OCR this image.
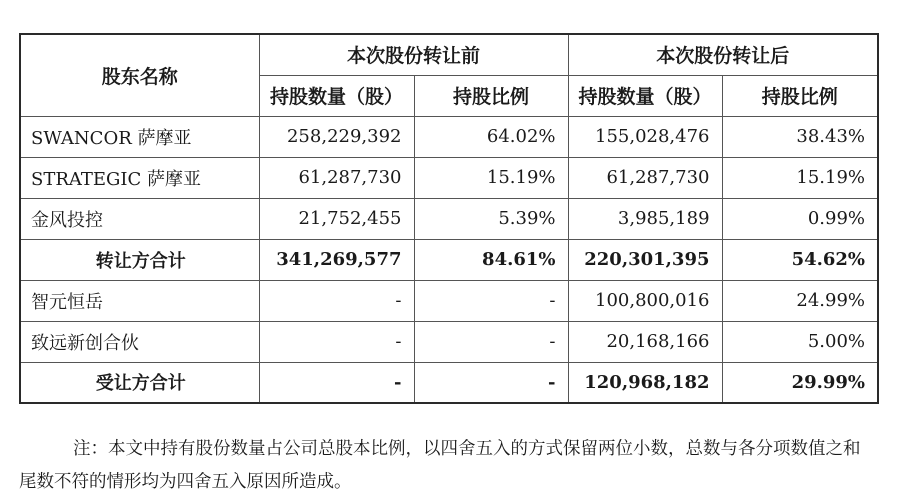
股东名称	本次股份转让前		本次股份转让后	
	持股数量（股）	持股比例	持股数量（股）	持股比例
SWANCOR 萨摩亚	258,229,392	64.02%	155,028,476	38.43%
STRATEGIC 萨摩亚	61,287,730	15.19%	61,287,730	15.19%
金风投控	21,752,455	5.39%	3,985,189	0.99%
转让方合计	341,269,577	84.61%	220,301,395	54.62%
智元恒岳	-	-	100,800,016	24.99%
致远新创合伙	-	-	20,168,166	5.00%
受让方合计	-	-	120,968,182	29.99%

注：本文中持有股份数量占公司总股本比例，以四舍五入的方式保留两位小数，总数与各分项数值之和尾数不符的情形均为四舍五入原因所造成。
